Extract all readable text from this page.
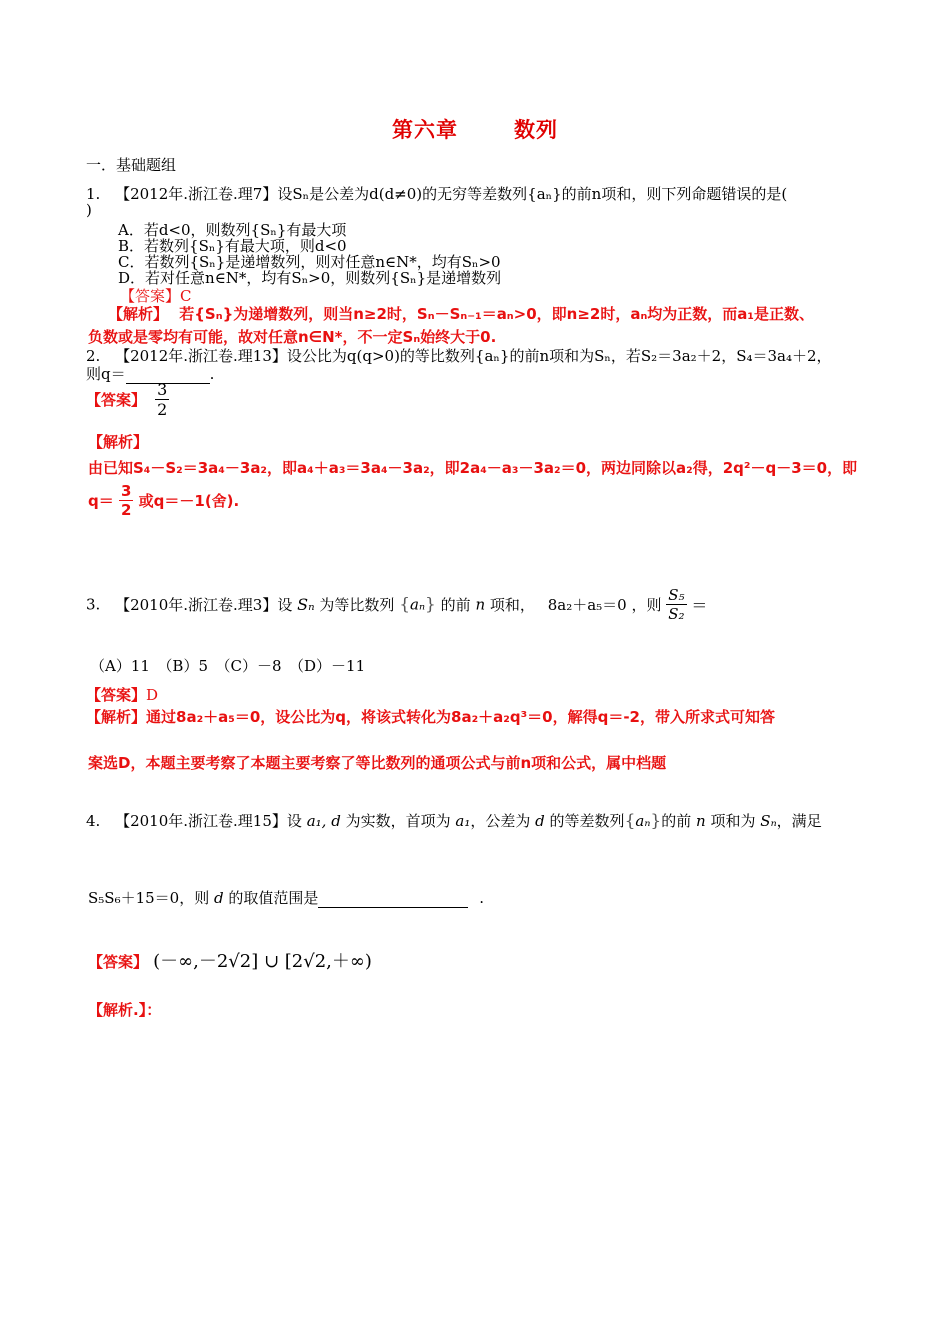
第六章	数列
一．基础题组
1. 【2012年.浙江卷.理7】设Sₙ是公差为d(d≠0)的无穷等差数列{aₙ}的前n项和，则下列命题错误的是(
)
A．若d<0，则数列{Sₙ}有最大项
B．若数列{Sₙ}有最大项，则d<0
C．若数列{Sₙ}是递增数列，则对任意n∈N*，均有Sₙ>0
D．若对任意n∈N*，均有Sₙ>0，则数列{Sₙ}是递增数列
【答案】C
【解析】 若{Sₙ}为递增数列，则当n≥2时，Sₙ－Sₙ₋₁＝aₙ>0，即n≥2时，aₙ均为正数，而a₁是正数、
负数或是零均有可能，故对任意n∈N*，不一定Sₙ始终大于0.
2. 【2012年.浙江卷.理13】设公比为q(q>0)的等比数列{aₙ}的前n项和为Sₙ，若S₂＝3a₂＋2，S₄＝3a₄＋2，
则q＝	.
【答案】 $\frac{3}{2}$
【解析】
由已知S₄－S₂＝3a₄－3a₂，即a₄＋a₃＝3a₄－3a₂，即2a₄－a₃－3a₂＝0，两边同除以a₂得，2q²－q－3＝0，即
$q= \frac{3}{2}$ 或q＝－1(舍).
3. 【2010年.浙江卷.理3】设 Sₙ 为等比数列 {aₙ} 的前 n 项和， 8a₂＋a₅＝0 ，则 $\frac{\text{S₅}}{\text{S₂}}$ ＝
（A）11　（B）5　（C）－8　（D）－11
【答案】D
【解析】通过8a₂＋a₅＝0，设公比为q，将该式转化为8a₂＋a₂q³＝0，解得q＝-2，带入所求式可知答
案选D，本题主要考察了本题主要考察了等比数列的通项公式与前n项和公式，属中档题
4. 【2010年.浙江卷.理15】设 a₁, d 为实数，首项为 a₁，公差为 d 的等差数列{aₙ}的前 n 项和为 Sₙ，满足
S₅S₆＋15＝0，则 d 的取值范围是	.
【答案】 (－∞,－2√2] ∪ [2√2,＋∞)
【解析.】：
